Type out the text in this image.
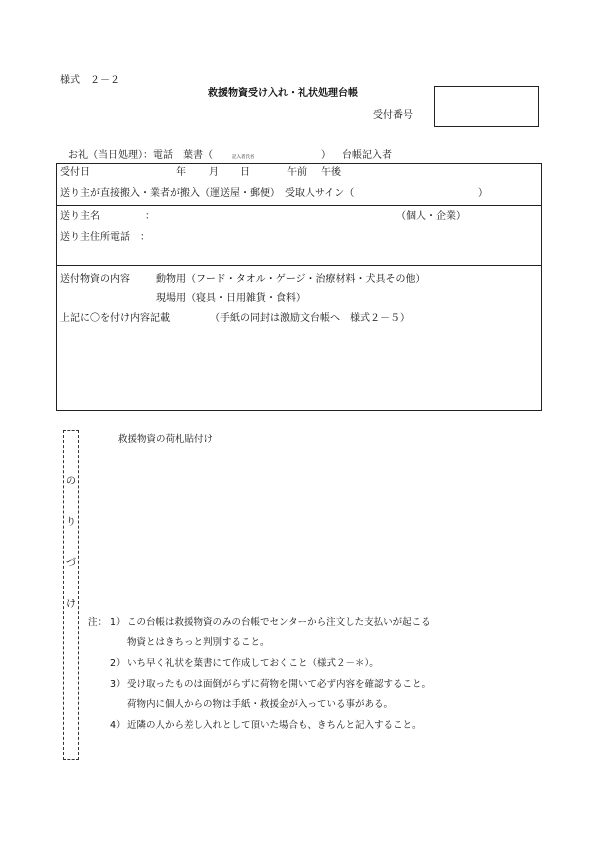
様式　２－２
救援物資受け入れ・礼状処理台帳
受付番号
お礼（当日処理）：電話　葉書（	記入者氏名	） 台帳記入者
受付日	年 月 日	午前 午後
送り主が直接搬入・業者が搬入（運送屋・郵便）　受取人サイン（	）
送り主名	：	（個人・企業）
送り主住所電話　：
送付物資の内容	動物用（フード・タオル・ゲージ・治療材料・犬具その他）
現場用（寝具・日用雑貨・食料）
上記に〇を付け内容記載	（手紙の同封は激励文台帳へ　様式２－５）
の
り
づ
け
救援物資の荷札貼付け
注： 1） この台帳は救援物資のみの台帳でセンターから注文した支払いが起こる
物資とはきちっと判別すること。
2） いち早く礼状を葉書にて作成しておくこと（様式２－＊）。
3） 受け取ったものは面倒がらずに荷物を開いて必ず内容を確認すること。
荷物内に個人からの物は手紙・救援金が入っている事がある。
4） 近隣の人から差し入れとして頂いた場合も、きちんと記入すること。
